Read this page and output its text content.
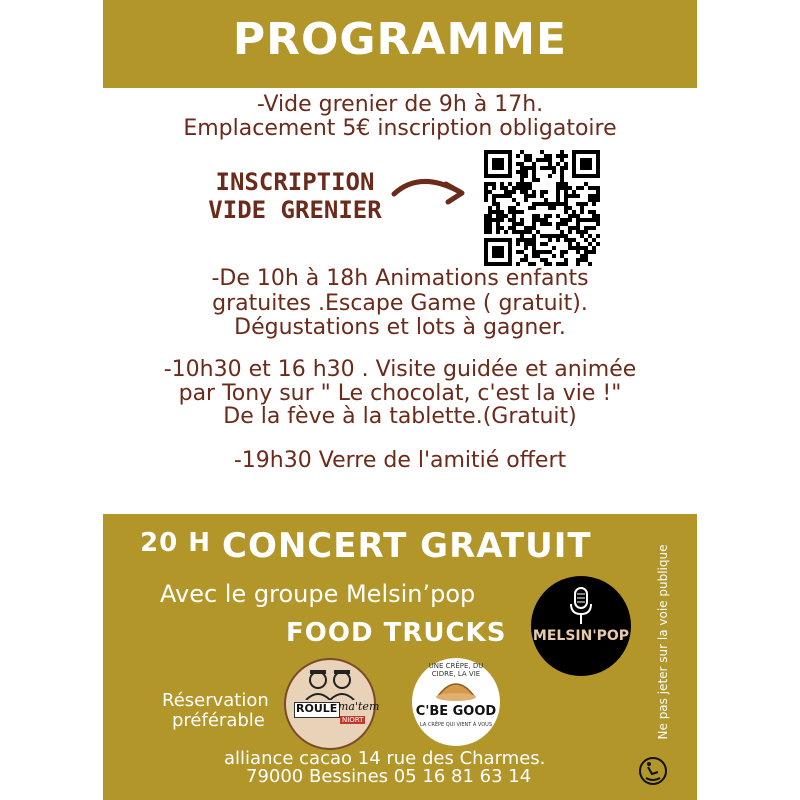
PROGRAMME
-Vide grenier de 9h à 17h.
Emplacement 5€ inscription obligatoire
INSCRIPTION
VIDE GRENIER
-De 10h à 18h Animations enfants
gratuites .Escape Game ( gratuit).
Dégustations et lots à gagner.
-10h30 et 16 h30 . Visite guidée et animée
par Tony sur " Le chocolat, c'est la vie !"
De la fève à la tablette.(Gratuit)
-19h30 Verre de l'amitié offert
20 H CONCERT GRATUIT
Avec le groupe Melsin’pop
FOOD TRUCKS MELSIN'POP
Réservation
préférable
ROULE ma'tem
NIORT
UNE CRÊPE, DU CIDRE, LA VIE
C'BE GOOD
LA CRÊPE QUI VIENT À VOUS
alliance cacao 14 rue des Charmes.
79000 Bessines 05 16 81 63 14
Ne pas jeter sur la voie publique
